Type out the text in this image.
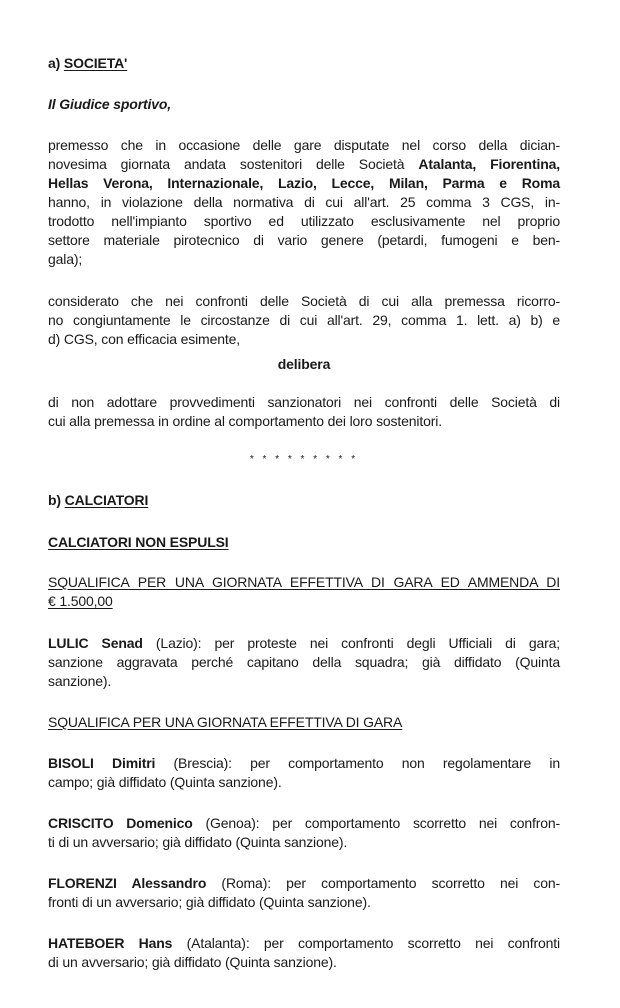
a) SOCIETA'
Il Giudice sportivo,
premesso che in occasione delle gare disputate nel corso della dician-
novesima giornata andata sostenitori delle Società Atalanta, Fiorentina,
Hellas Verona, Internazionale, Lazio, Lecce, Milan, Parma e Roma
hanno, in violazione della normativa di cui all'art. 25 comma 3 CGS, in-
trodotto nell'impianto sportivo ed utilizzato esclusivamente nel proprio
settore materiale pirotecnico di vario genere (petardi, fumogeni e ben-
gala);
considerato che nei confronti delle Società di cui alla premessa ricorro-
no congiuntamente le circostanze di cui all'art. 29, comma 1. lett. a) b) e
d) CGS, con efficacia esimente,
delibera
di non adottare provvedimenti sanzionatori nei confronti delle Società di
cui alla premessa in ordine al comportamento dei loro sostenitori.
* * * * * * * * *
b) CALCIATORI
CALCIATORI NON ESPULSI
SQUALIFICA PER UNA GIORNATA EFFETTIVA DI GARA ED AMMENDA DI
€ 1.500,00
LULIC Senad (Lazio): per proteste nei confronti degli Ufficiali di gara;
sanzione aggravata perché capitano della squadra; già diffidato (Quinta
sanzione).
SQUALIFICA PER UNA GIORNATA EFFETTIVA DI GARA
BISOLI Dimitri (Brescia): per comportamento non regolamentare in
campo; già diffidato (Quinta sanzione).
CRISCITO Domenico (Genoa): per comportamento scorretto nei confron-
ti di un avversario; già diffidato (Quinta sanzione).
FLORENZI Alessandro (Roma): per comportamento scorretto nei con-
fronti di un avversario; già diffidato (Quinta sanzione).
HATEBOER Hans (Atalanta): per comportamento scorretto nei confronti
di un avversario; già diffidato (Quinta sanzione).
